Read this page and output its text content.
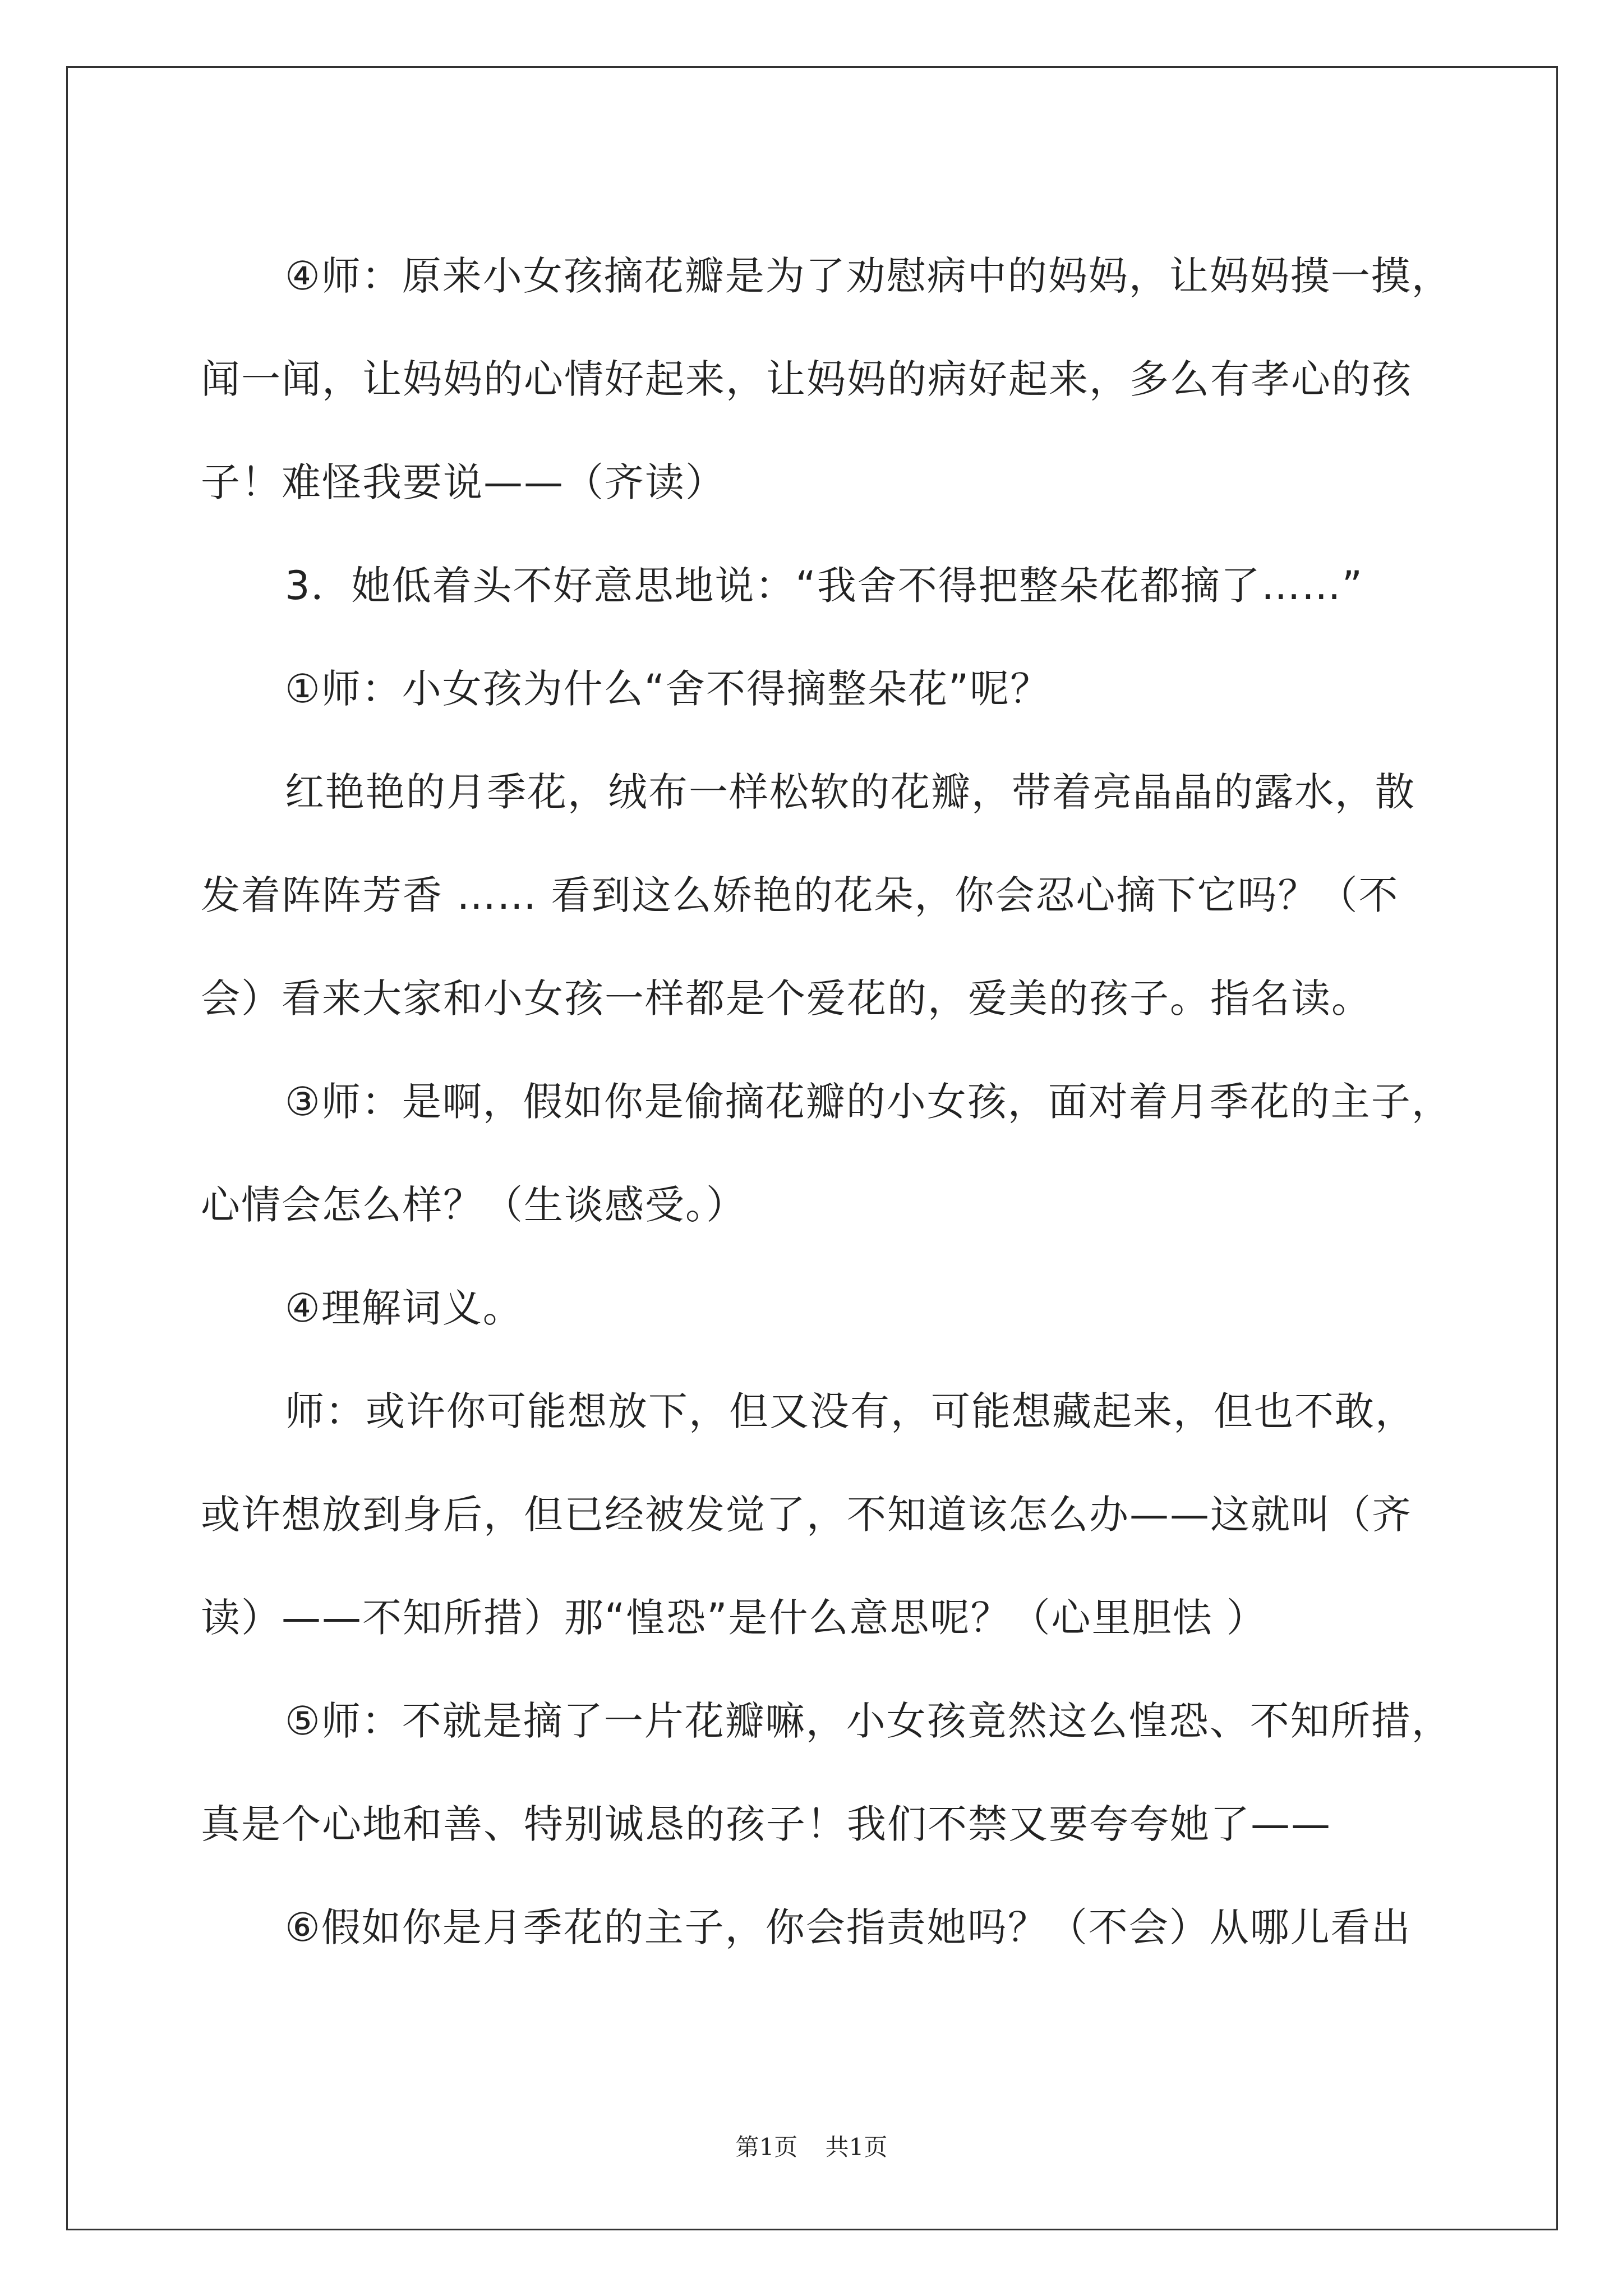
④师：原来小女孩摘花瓣是为了劝慰病中的妈妈，让妈妈摸一摸，

闻一闻，让妈妈的心情好起来，让妈妈的病好起来，多么有孝心的孩

子！难怪我要说——（齐读）

3．她低着头不好意思地说：“我舍不得把整朵花都摘了……”

①师：小女孩为什么“舍不得摘整朵花”呢？

红艳艳的月季花，绒布一样松软的花瓣，带着亮晶晶的露水，散

发着阵阵芳香 …… 看到这么娇艳的花朵，你会忍心摘下它吗？（不

会）看来大家和小女孩一样都是个爱花的，爱美的孩子。指名读。

③师：是啊，假如你是偷摘花瓣的小女孩，面对着月季花的主子，

心情会怎么样？（生谈感受。）

④理解词义。

师：或许你可能想放下，但又没有，可能想藏起来，但也不敢，

或许想放到身后，但已经被发觉了，不知道该怎么办——这就叫（齐

读）——不知所措）那“惶恐”是什么意思呢？（心里胆怯 ）

⑤师：不就是摘了一片花瓣嘛，小女孩竟然这么惶恐、不知所措，

真是个心地和善、特别诚恳的孩子！我们不禁又要夸夸她了——

⑥假如你是月季花的主子，你会指责她吗？（不会）从哪儿看出

第1页 共1页
